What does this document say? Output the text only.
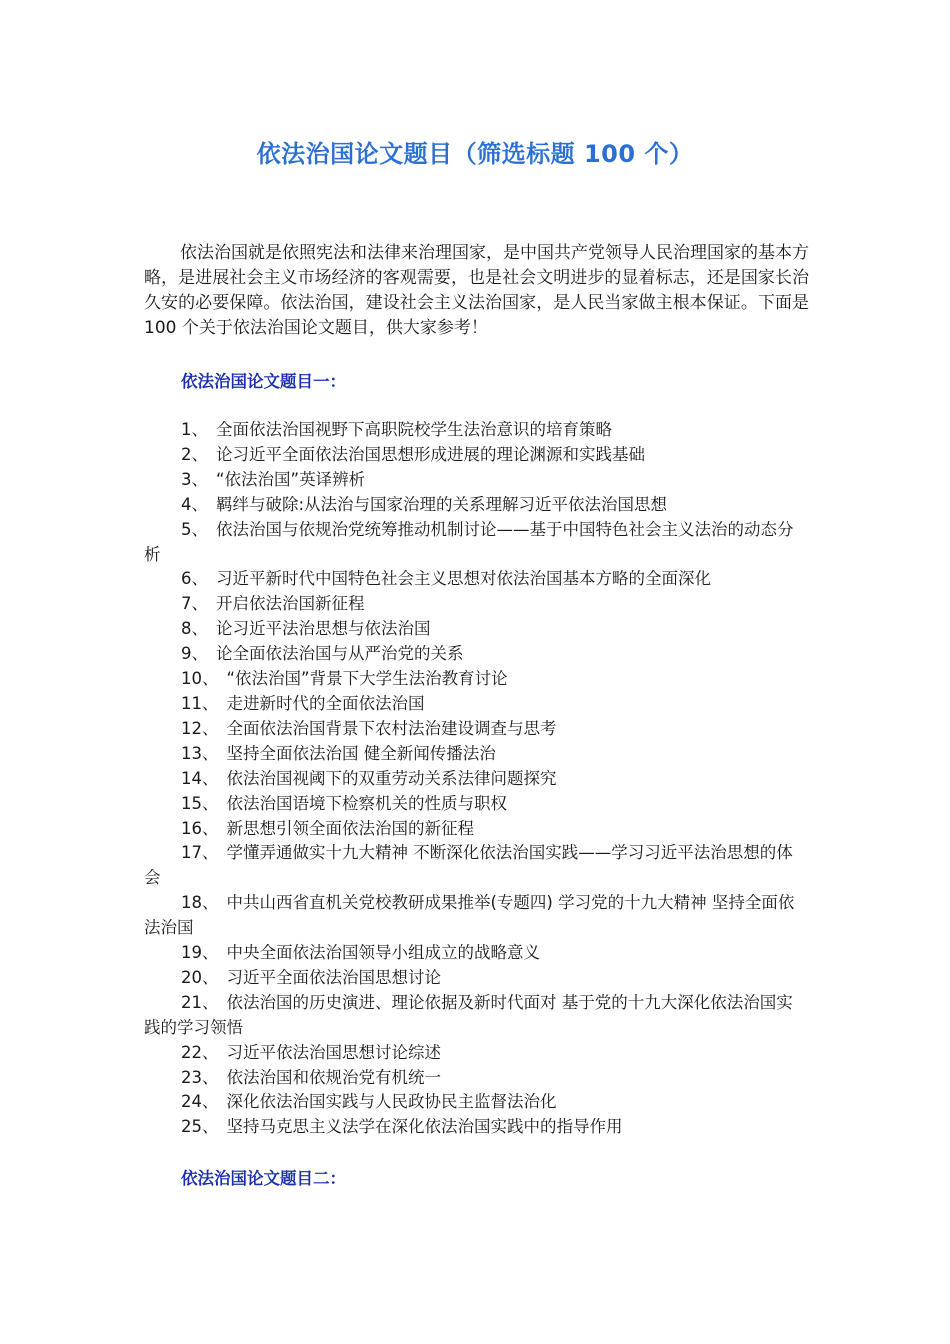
依法治国论文题目（筛选标题 100 个）

依法治国就是依照宪法和法律来治理国家，是中国共产党领导人民治理国家的基本方略，是进展社会主义市场经济的客观需要，也是社会文明进步的显着标志，还是国家长治久安的必要保障。依法治国，建设社会主义法治国家，是人民当家做主根本保证。下面是 100 个关于依法治国论文题目，供大家参考！

依法治国论文题目一：
1、 全面依法治国视野下高职院校学生法治意识的培育策略
2、 论习近平全面依法治国思想形成进展的理论渊源和实践基础
3、 “依法治国”英译辨析
4、 羁绊与破除:从法治与国家治理的关系理解习近平依法治国思想
5、 依法治国与依规治党统筹推动机制讨论——基于中国特色社会主义法治的动态分析
6、 习近平新时代中国特色社会主义思想对依法治国基本方略的全面深化
7、 开启依法治国新征程
8、 论习近平法治思想与依法治国
9、 论全面依法治国与从严治党的关系
10、 “依法治国”背景下大学生法治教育讨论
11、 走进新时代的全面依法治国
12、 全面依法治国背景下农村法治建设调查与思考
13、 坚持全面依法治国 健全新闻传播法治
14、 依法治国视阈下的双重劳动关系法律问题探究
15、 依法治国语境下检察机关的性质与职权
16、 新思想引领全面依法治国的新征程
17、 学懂弄通做实十九大精神 不断深化依法治国实践——学习习近平法治思想的体会
18、 中共山西省直机关党校教研成果推举(专题四) 学习党的十九大精神 坚持全面依法治国
19、 中央全面依法治国领导小组成立的战略意义
20、 习近平全面依法治国思想讨论
21、 依法治国的历史演进、理论依据及新时代面对 基于党的十九大深化依法治国实践的学习领悟
22、 习近平依法治国思想讨论综述
23、 依法治国和依规治党有机统一
24、 深化依法治国实践与人民政协民主监督法治化
25、 坚持马克思主义法学在深化依法治国实践中的指导作用
依法治国论文题目二：
